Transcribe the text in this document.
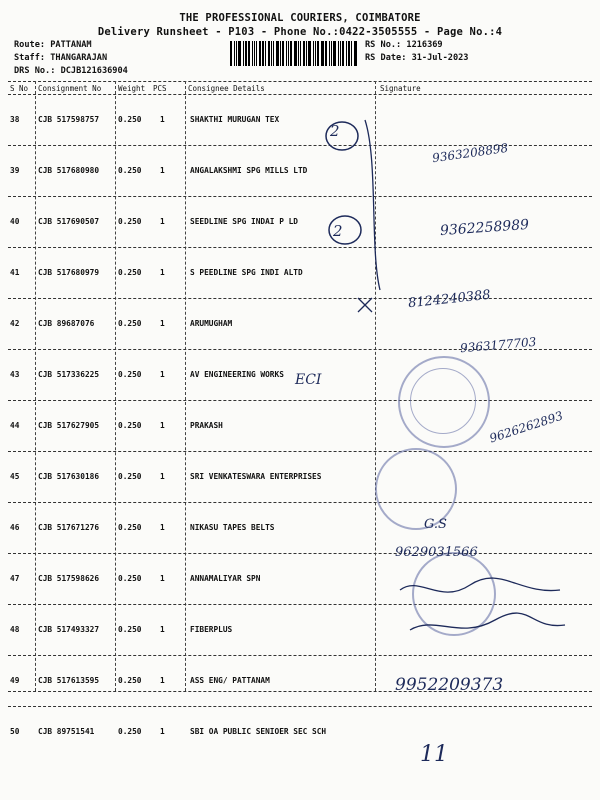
THE PROFESSIONAL COURIERS, COIMBATORE
Delivery Runsheet - P103 - Phone No.:0422-3505555 - Page No.:4
Route: PATTANAM
Staff: THANGARAJAN
DRS No.: DCJB121636904
RS No.: 1216369
RS Date: 31-Jul-2023
S No Consignment No Weight PCS	Consignee Details	Signature
38 CJB 517598757 0.250 1	SHAKTHI MURUGAN TEX
39 CJB 517680980 0.250 1	ANGALAKSHMI SPG MILLS LTD
40 CJB 517690507 0.250 1	SEEDLINE SPG INDAI P LD
41 CJB 517680979 0.250 1	S PEEDLINE SPG INDI ALTD
42 CJB 89687076	0.250 1	ARUMUGHAM
43 CJB 517336225 0.250 1	AV ENGINEERING WORKS
44 CJB 517627905 0.250 1	PRAKASH
45 CJB 517630186 0.250 1	SRI VENKATESWARA ENTERPRISES
46 CJB 517671276 0.250 1	NIKASU TAPES BELTS
47 CJB 517598626 0.250 1	ANNAMALIYAR SPN
48 CJB 517493327 0.250 1	FIBERPLUS
49 CJB 517613595 0.250 1	ASS ENG/ PATTANAM
50 CJB 89751541	0.250 1	SBI OA PUBLIC SENIOER SEC SCH
2
9363208898
2	9362258989
8124240388
9363177703
ECI
9626262893
G.S
9629031566
9952209373
11
